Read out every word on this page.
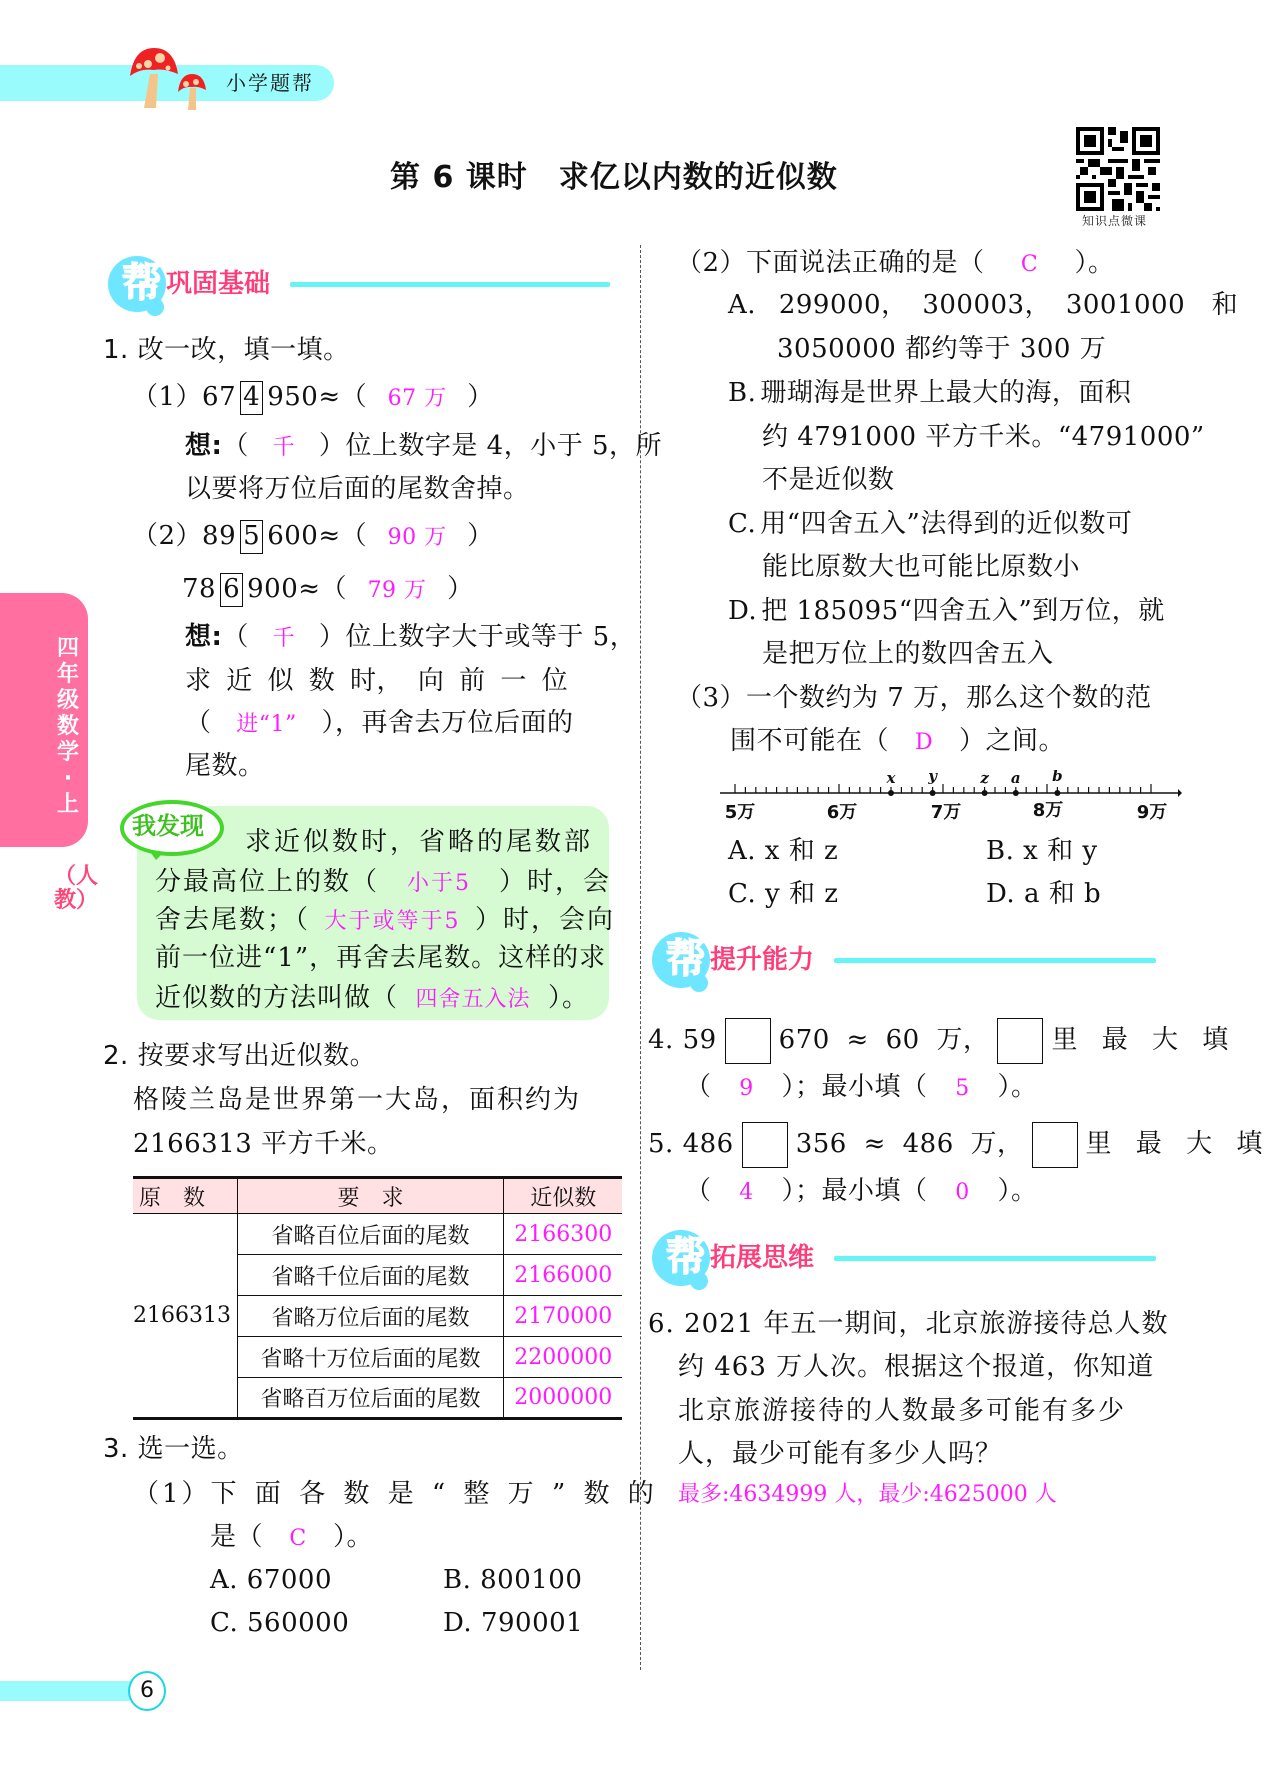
小学题帮
第 6 课时　求亿以内数的近似数
知识点微课
四年级数学·上
（人教）
帮 巩固基础
1. 改一改，填一填。
（1）67 4 950≈（ 67 万 ）
想:（ 千 ）位上数字是 4，小于 5，所
以要将万位后面的尾数舍掉。
（2）89 5 600≈（ 90 万 ）
78 6 900≈（ 79 万 ）
想:（ 千 ）位上数字大于或等于 5，
求 近 似 数 时， 向 前 一 位
（ 进“1” ），再舍去万位后面的
尾数。
我发现
求近似数时，省略的尾数部
分最高位上的数（ 小于5 ）时，会
舍去尾数；（ 大于或等于5 ）时，会向
前一位进“1”，再舍去尾数。这样的求
近似数的方法叫做（ 四舍五入法 ）。
2. 按要求写出近似数。
格陵兰岛是世界第一大岛，面积约为
2166313 平方千米。
原　数	要　求	近似数
2166313	省略百位后面的尾数	2166300
	省略千位后面的尾数	2166000
	省略万位后面的尾数	2170000
	省略十万位后面的尾数	2200000
	省略百万位后面的尾数	2000000
3. 选一选。
（1）下 面 各 数 是 “ 整 万 ” 数 的
是（ C ）。
A. 67000	B. 800100
C. 560000	D. 790001
（2）下面说法正确的是（ C ）。
A. 299000， 300003， 3001000　和
3050000 都约等于 300 万
B. 珊瑚海是世界上最大的海，面积
约 4791000 平方千米。“4791000”
不是近似数
C. 用“四舍五入”法得到的近似数可
能比原数大也可能比原数小
D. 把 185095“四舍五入”到万位，就
是把万位上的数四舍五入
（3）一个数约为 7 万，那么这个数的范
围不可能在（ D ）之间。
x y	z a b
5万	6万	7万	8万	9万
A. x 和 z	B. x 和 y
C. y 和 z	D. a 和 b
帮 提升能力
4. 59 670 ≈ 60 万， 里 最 大 填
（ 9 ）；最小填（ 5 ）。
5. 486 356 ≈ 486 万， 里 最 大 填
（ 4 ）；最小填（ 0 ）。
帮 拓展思维
6. 2021 年五一期间，北京旅游接待总人数
约 463 万人次。根据这个报道，你知道
北京旅游接待的人数最多可能有多少
人，最少可能有多少人吗？
最多:4634999 人，最少:4625000 人
6
